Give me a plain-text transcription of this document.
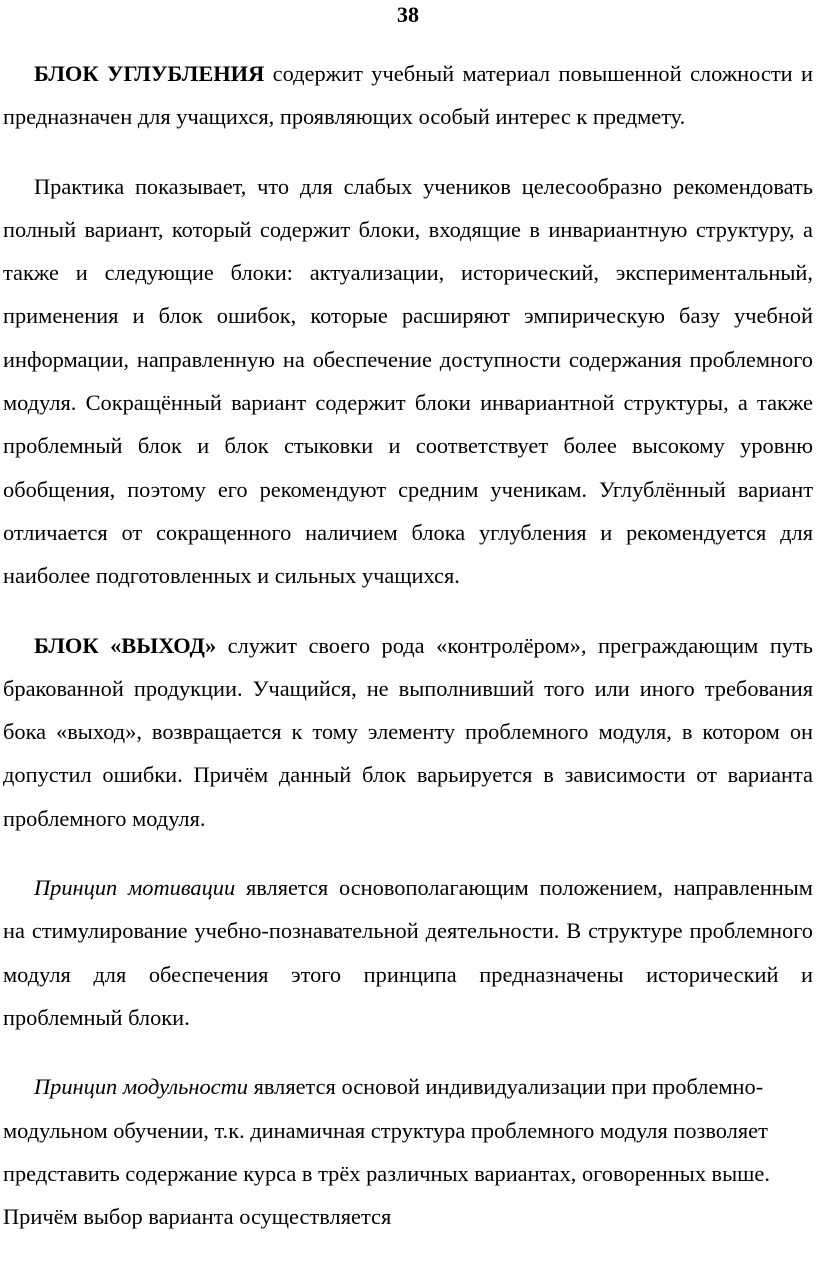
38

БЛОК УГЛУБЛЕНИЯ содержит учебный материал повышенной сложности и предназначен для учащихся, проявляющих особый интерес к предмету.

Практика показывает, что для слабых учеников целесообразно рекомендовать полный вариант, который содержит блоки, входящие в инвариантную структуру, а также и следующие блоки: актуализации, исторический, экспериментальный, применения и блок ошибок, которые расширяют эмпирическую базу учебной информации, направленную на обеспечение доступности содержания проблемного модуля. Сокращённый вариант содержит блоки инвариантной структуры, а также проблемный блок и блок стыковки и соответствует более высокому уровню обобщения, поэтому его рекомендуют средним ученикам. Углублённый вариант отличается от сокращенного наличием блока углубления и рекомендуется для наиболее подготовленных и сильных учащихся.

БЛОК «ВЫХОД» служит своего рода «контролёром», преграждающим путь бракованной продукции. Учащийся, не выполнивший того или иного требования бока «выход», возвращается к тому элементу проблемного модуля, в котором он допустил ошибки. Причём данный блок варьируется в зависимости от варианта проблемного модуля.

Принцип мотивации является основополагающим положением, направленным на стимулирование учебно-познавательной деятельности. В структуре проблемного модуля для обеспечения этого принципа предназначены исторический и проблемный блоки.

Принцип модульности является основой индивидуализации при проблемно-модульном обучении, т.к. динамичная структура проблемного модуля позволяет представить содержание курса в трёх различных вариантах, оговоренных выше. Причём выбор варианта осуществляется
